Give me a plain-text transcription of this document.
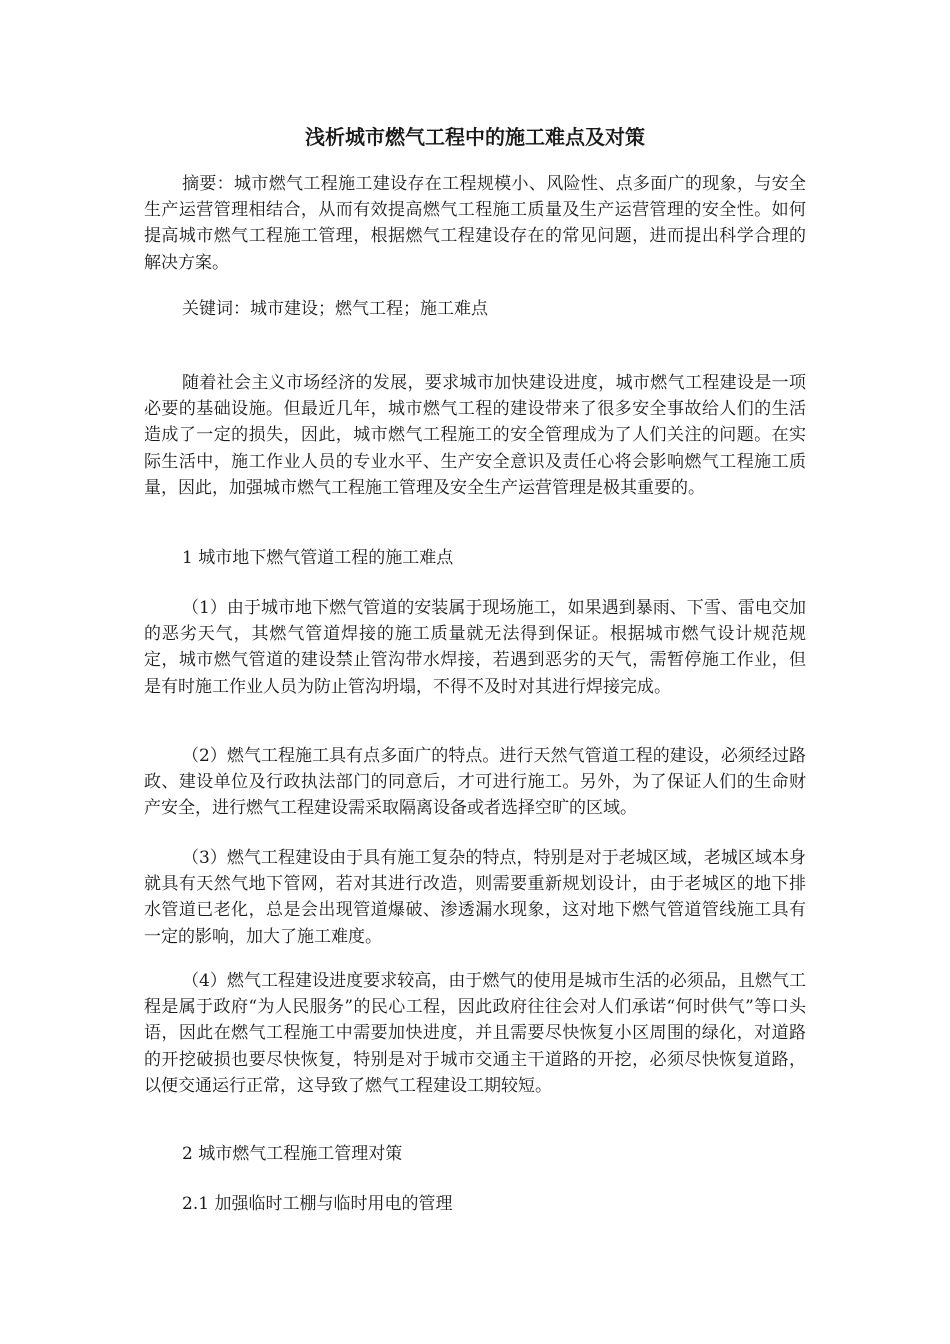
浅析城市燃气工程中的施工难点及对策

摘要：城市燃气工程施工建设存在工程规模小、风险性、点多面广的现象，与安全生产运营管理相结合，从而有效提高燃气工程施工质量及生产运营管理的安全性。如何提高城市燃气工程施工管理，根据燃气工程建设存在的常见问题，进而提出科学合理的解决方案。

关键词：城市建设；燃气工程；施工难点

随着社会主义市场经济的发展，要求城市加快建设进度，城市燃气工程建设是一项必要的基础设施。但最近几年，城市燃气工程的建设带来了很多安全事故给人们的生活造成了一定的损失，因此，城市燃气工程施工的安全管理成为了人们关注的问题。在实际生活中，施工作业人员的专业水平、生产安全意识及责任心将会影响燃气工程施工质量，因此，加强城市燃气工程施工管理及安全生产运营管理是极其重要的。

1 城市地下燃气管道工程的施工难点

（1）由于城市地下燃气管道的安装属于现场施工，如果遇到暴雨、下雪、雷电交加的恶劣天气，其燃气管道焊接的施工质量就无法得到保证。根据城市燃气设计规范规定，城市燃气管道的建设禁止管沟带水焊接，若遇到恶劣的天气，需暂停施工作业，但是有时施工作业人员为防止管沟坍塌，不得不及时对其进行焊接完成。

（2）燃气工程施工具有点多面广的特点。进行天然气管道工程的建设，必须经过路政、建设单位及行政执法部门的同意后，才可进行施工。另外，为了保证人们的生命财产安全，进行燃气工程建设需采取隔离设备或者选择空旷的区域。

（3）燃气工程建设由于具有施工复杂的特点，特别是对于老城区域，老城区域本身就具有天然气地下管网，若对其进行改造，则需要重新规划设计，由于老城区的地下排水管道已老化，总是会出现管道爆破、渗透漏水现象，这对地下燃气管道管线施工具有一定的影响，加大了施工难度。

（4）燃气工程建设进度要求较高，由于燃气的使用是城市生活的必须品，且燃气工程是属于政府“为人民服务”的民心工程，因此政府往往会对人们承诺“何时供气”等口头语，因此在燃气工程施工中需要加快进度，并且需要尽快恢复小区周围的绿化，对道路的开挖破损也要尽快恢复，特别是对于城市交通主干道路的开挖，必须尽快恢复道路，以便交通运行正常，这导致了燃气工程建设工期较短。

2 城市燃气工程施工管理对策

2.1 加强临时工棚与临时用电的管理
